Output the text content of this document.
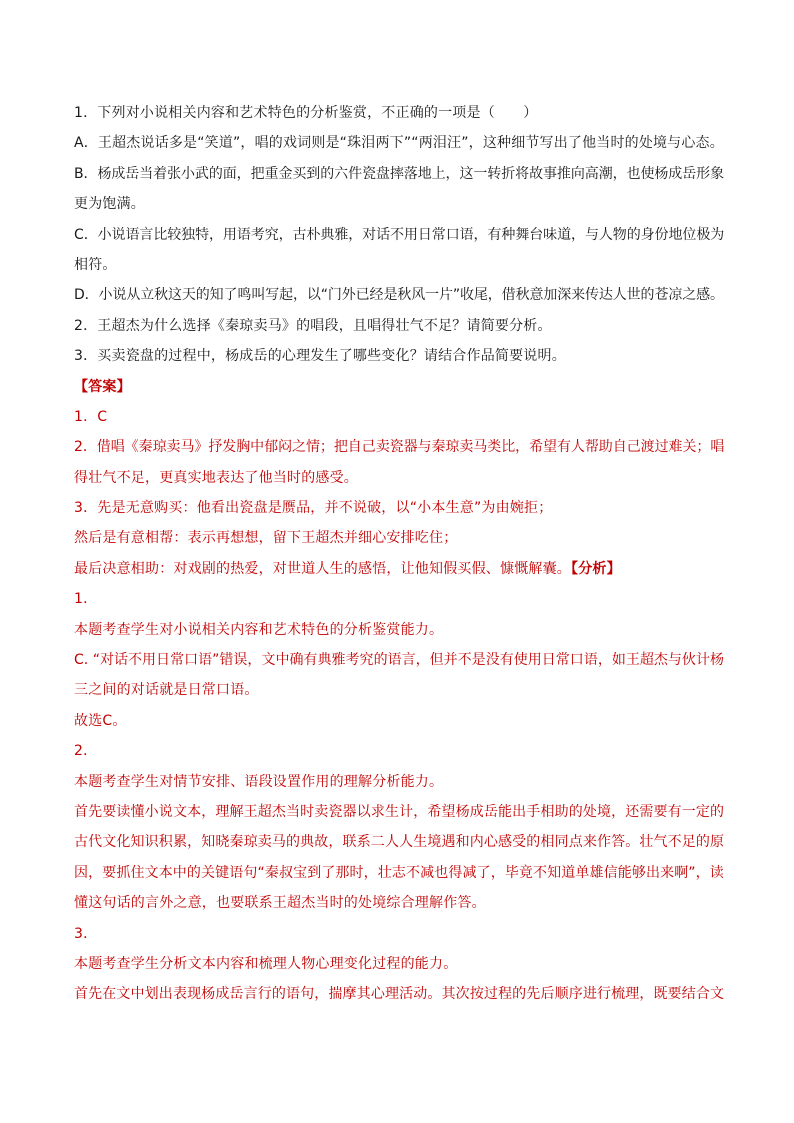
1．下列对小说相关内容和艺术特色的分析鉴赏，不正确的一项是（　　）
A．王超杰说话多是“笑道”，唱的戏词则是“珠泪两下”“两泪汪”，这种细节写出了他当时的处境与心态。
B．杨成岳当着张小武的面，把重金买到的六件瓷盘摔落地上，这一转折将故事推向高潮，也使杨成岳形象
更为饱满。
C．小说语言比较独特，用语考究，古朴典雅，对话不用日常口语，有种舞台味道，与人物的身份地位极为
相符。
D．小说从立秋这天的知了鸣叫写起，以“门外已经是秋风一片”收尾，借秋意加深来传达人世的苍凉之感。
2．王超杰为什么选择《秦琼卖马》的唱段，且唱得壮气不足？请简要分析。
3．买卖瓷盘的过程中，杨成岳的心理发生了哪些变化？请结合作品简要说明。
【答案】
1．C
2．借唱《秦琼卖马》抒发胸中郁闷之情；把自己卖瓷器与秦琼卖马类比，希望有人帮助自己渡过难关；唱
得壮气不足，更真实地表达了他当时的感受。
3．先是无意购买：他看出瓷盘是赝品，并不说破，以“小本生意”为由婉拒；
然后是有意相帮：表示再想想，留下王超杰并细心安排吃住；
最后决意相助：对戏剧的热爱，对世道人生的感悟，让他知假买假、慷慨解囊。【分析】
1．
本题考查学生对小说相关内容和艺术特色的分析鉴赏能力。
C. “对话不用日常口语”错误，文中确有典雅考究的语言，但并不是没有使用日常口语，如王超杰与伙计杨
三之间的对话就是日常口语。
故选C。
2．
本题考查学生对情节安排、语段设置作用的理解分析能力。
首先要读懂小说文本，理解王超杰当时卖瓷器以求生计，希望杨成岳能出手相助的处境，还需要有一定的
古代文化知识积累，知晓秦琼卖马的典故，联系二人人生境遇和内心感受的相同点来作答。壮气不足的原
因，要抓住文本中的关键语句“秦叔宝到了那时，壮志不减也得减了，毕竟不知道单雄信能够出来啊”，读
懂这句话的言外之意，也要联系王超杰当时的处境综合理解作答。
3．
本题考查学生分析文本内容和梳理人物心理变化过程的能力。
首先在文中划出表现杨成岳言行的语句，揣摩其心理活动。其次按过程的先后顺序进行梳理，既要结合文
